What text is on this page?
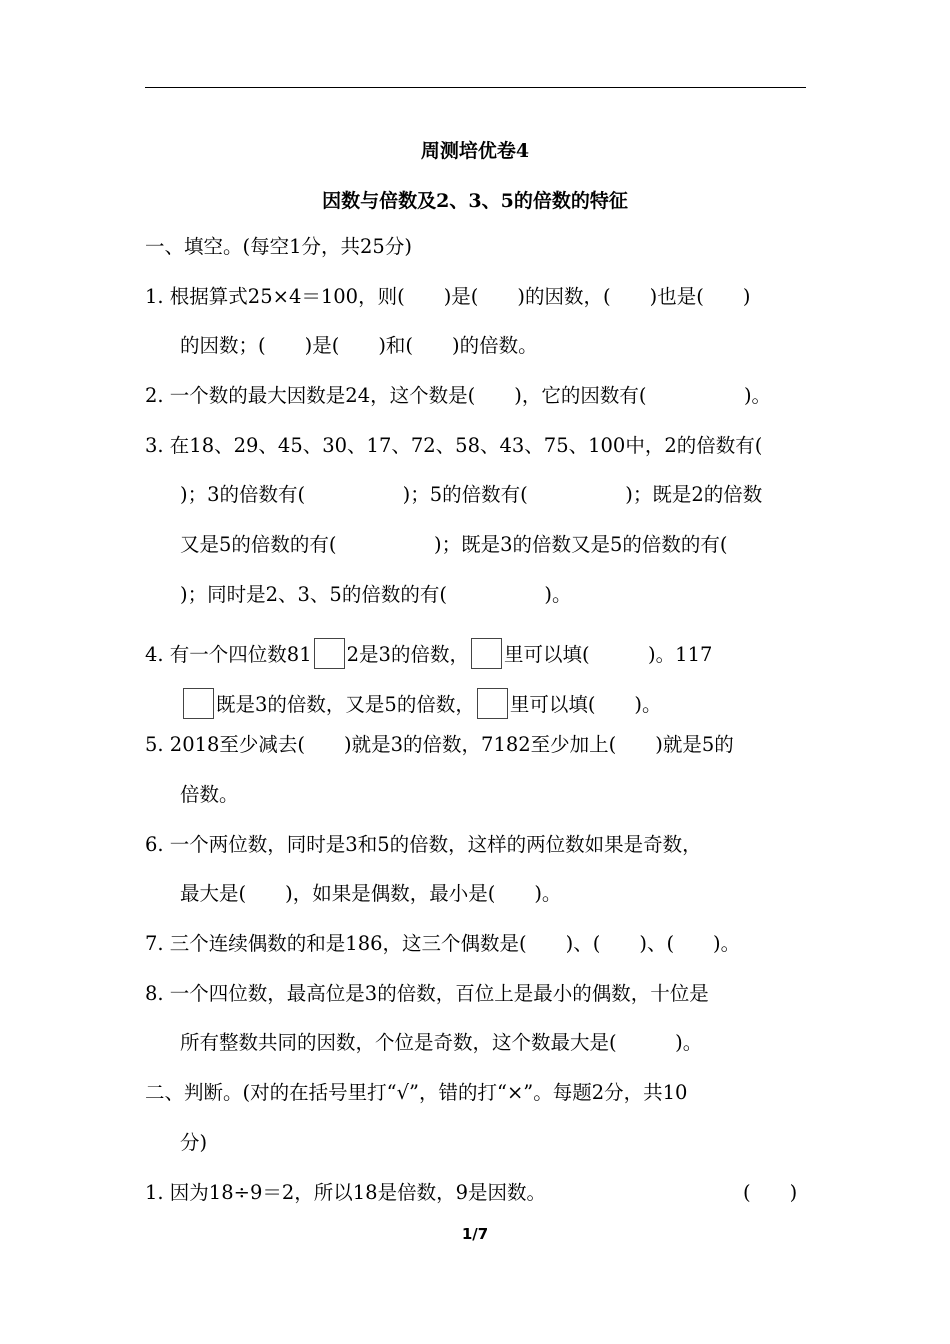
周测培优卷4
因数与倍数及2、3、5的倍数的特征
一、填空。(每空1分，共25分)
1. 根据算式25×4＝100，则(　　)是(　　)的因数，(　　)也是(　　)
的因数；(　　)是(　　)和(　　)的倍数。
2. 一个数的最大因数是24，这个数是(　　)，它的因数有(　　　　　)。
3. 在18、29、45、30、17、72、58、43、75、100中，2的倍数有(
)；3的倍数有(　　　　　)；5的倍数有(　　　　　)；既是2的倍数
又是5的倍数的有(　　　　　)；既是3的倍数又是5的倍数的有(
)；同时是2、3、5的倍数的有(　　　　　)。
4. 有一个四位数81 2是3的倍数， 里可以填(　　　)。117
既是3的倍数，又是5的倍数， 里可以填(　　)。
5. 2018至少减去(　　)就是3的倍数，7182至少加上(　　)就是5的
倍数。
6. 一个两位数，同时是3和5的倍数，这样的两位数如果是奇数，
最大是(　　)，如果是偶数，最小是(　　)。
7. 三个连续偶数的和是186，这三个偶数是(　　)、(　　)、(　　)。
8. 一个四位数，最高位是3的倍数，百位上是最小的偶数，十位是
所有整数共同的因数，个位是奇数，这个数最大是(　　　)。
二、判断。(对的在括号里打“√”，错的打“×”。每题2分，共10
分)
1. 因为18÷9＝2，所以18是倍数，9是因数。	(　　)
1/7
